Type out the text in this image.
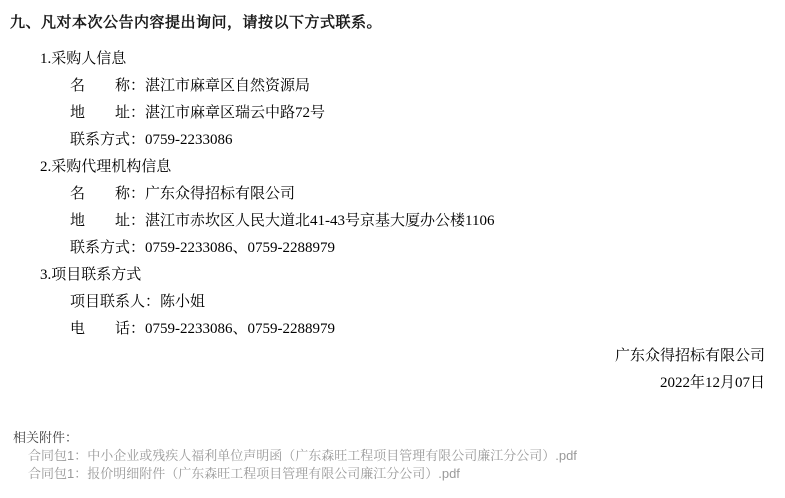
九、凡对本次公告内容提出询问，请按以下方式联系。
1.采购人信息
名　　称：湛江市麻章区自然资源局
地　　址：湛江市麻章区瑞云中路72号
联系方式：0759-2233086
2.采购代理机构信息
名　　称：广东众得招标有限公司
地　　址：湛江市赤坎区人民大道北41-43号京基大厦办公楼1106
联系方式：0759-2233086、0759-2288979
3.项目联系方式
项目联系人：陈小姐
电　　话：0759-2233086、0759-2288979
广东众得招标有限公司
2022年12月07日
相关附件：
合同包1：中小企业或残疾人福利单位声明函（广东森旺工程项目管理有限公司廉江分公司）.pdf
合同包1：报价明细附件（广东森旺工程项目管理有限公司廉江分公司）.pdf
